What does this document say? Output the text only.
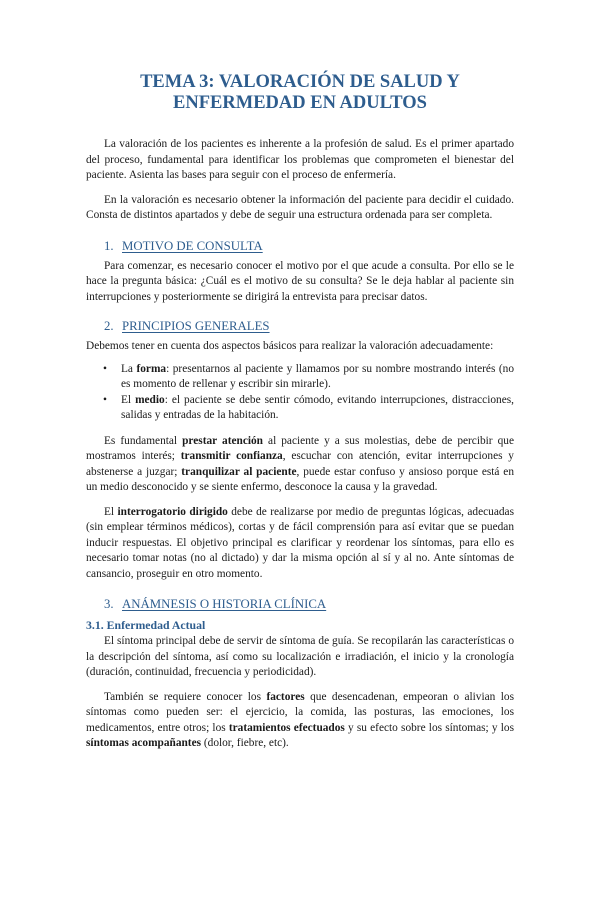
TEMA 3: VALORACIÓN DE SALUD Y ENFERMEDAD EN ADULTOS

La valoración de los pacientes es inherente a la profesión de salud. Es el primer apartado del proceso, fundamental para identificar los problemas que comprometen el bienestar del paciente. Asienta las bases para seguir con el proceso de enfermería.

En la valoración es necesario obtener la información del paciente para decidir el cuidado. Consta de distintos apartados y debe de seguir una estructura ordenada para ser completa.

1. MOTIVO DE CONSULTA

Para comenzar, es necesario conocer el motivo por el que acude a consulta. Por ello se le hace la pregunta básica: ¿Cuál es el motivo de su consulta? Se le deja hablar al paciente sin interrupciones y posteriormente se dirigirá la entrevista para precisar datos.

2. PRINCIPIOS GENERALES

Debemos tener en cuenta dos aspectos básicos para realizar la valoración adecuadamente:

• La forma: presentarnos al paciente y llamamos por su nombre mostrando interés (no es momento de rellenar y escribir sin mirarle).
• El medio: el paciente se debe sentir cómodo, evitando interrupciones, distracciones, salidas y entradas de la habitación.

Es fundamental prestar atención al paciente y a sus molestias, debe de percibir que mostramos interés; transmitir confianza, escuchar con atención, evitar interrupciones y abstenerse a juzgar; tranquilizar al paciente, puede estar confuso y ansioso porque está en un medio desconocido y se siente enfermo, desconoce la causa y la gravedad.

El interrogatorio dirigido debe de realizarse por medio de preguntas lógicas, adecuadas (sin emplear términos médicos), cortas y de fácil comprensión para así evitar que se puedan inducir respuestas. El objetivo principal es clarificar y reordenar los síntomas, para ello es necesario tomar notas (no al dictado) y dar la misma opción al sí y al no. Ante síntomas de cansancio, proseguir en otro momento.

3. ANÁMNESIS O HISTORIA CLÍNICA
3.1. Enfermedad Actual

El síntoma principal debe de servir de síntoma de guía. Se recopilarán las características o la descripción del síntoma, así como su localización e irradiación, el inicio y la cronología (duración, continuidad, frecuencia y periodicidad).

También se requiere conocer los factores que desencadenan, empeoran o alivian los síntomas como pueden ser: el ejercicio, la comida, las posturas, las emociones, los medicamentos, entre otros; los tratamientos efectuados y su efecto sobre los síntomas; y los síntomas acompañantes (dolor, fiebre, etc).
